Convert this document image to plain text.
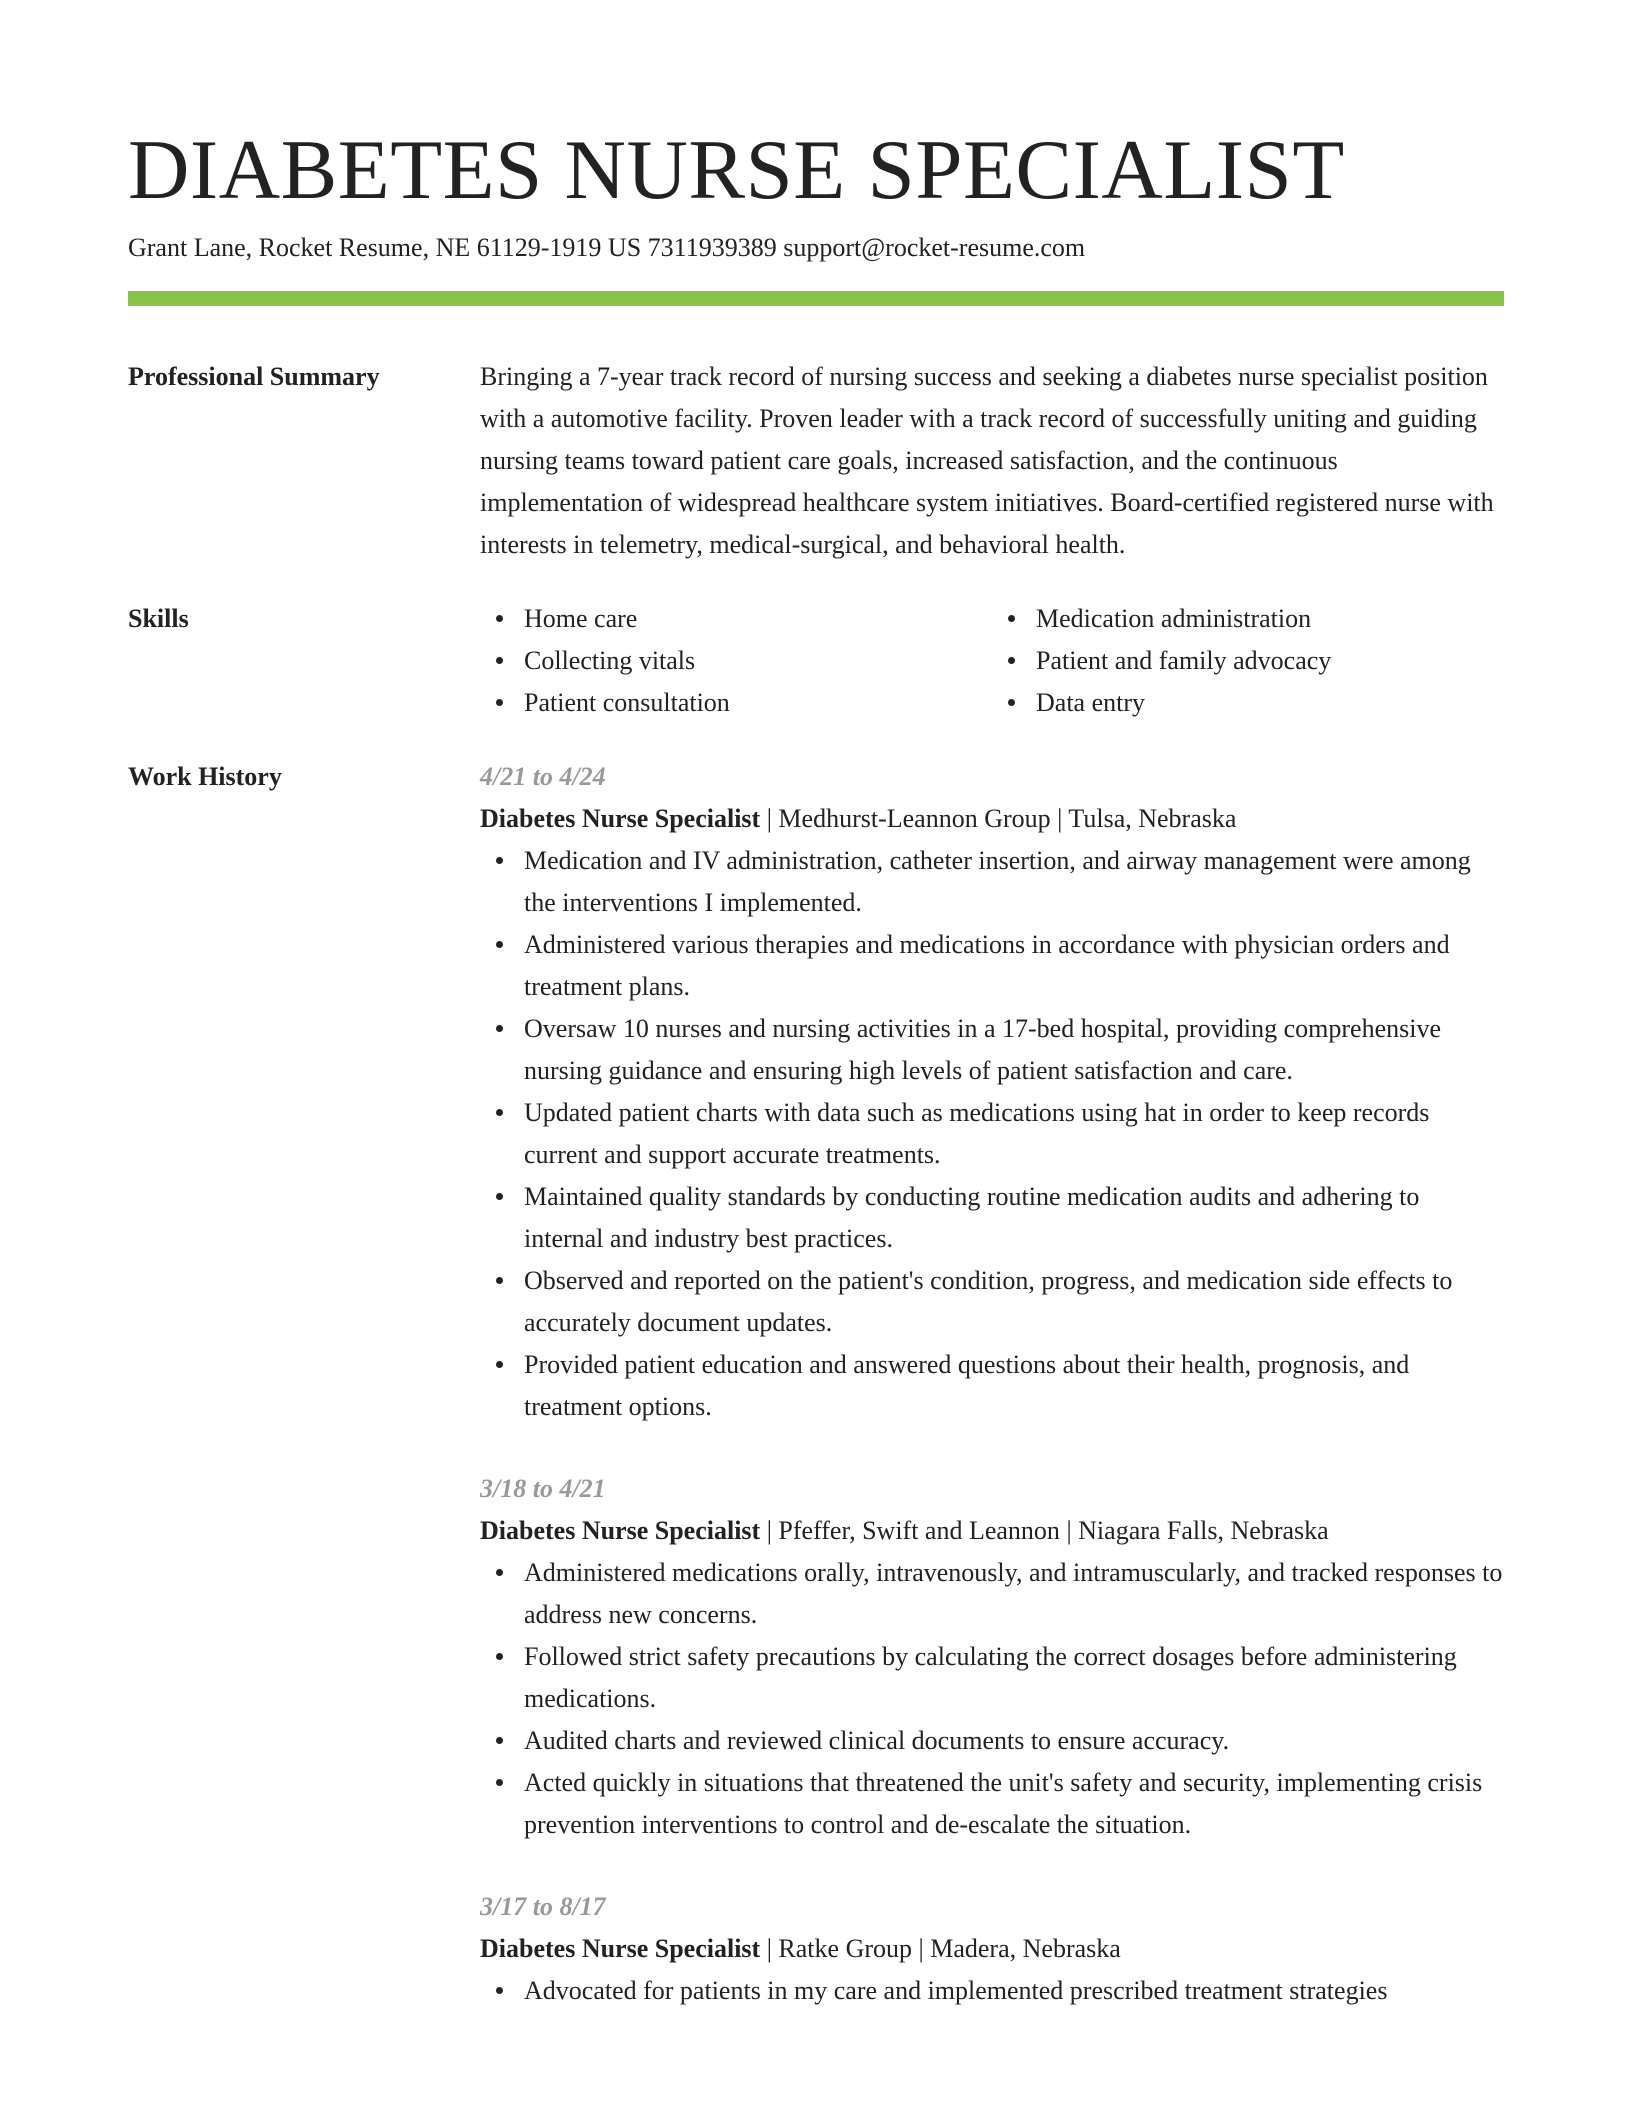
DIABETES NURSE SPECIALIST
Grant Lane, Rocket Resume, NE 61129-1919 US 7311939389 support@rocket-resume.com
Professional Summary	Bringing a 7-year track record of nursing success and seeking a diabetes nurse specialist position with a automotive facility. Proven leader with a track record of successfully uniting and guiding nursing teams toward patient care goals, increased satisfaction, and the continuous implementation of widespread healthcare system initiatives. Board-certified registered nurse with interests in telemetry, medical-surgical, and behavioral health.

Skills	Home care
Collecting vitals
Patient consultation
Medication administration
Patient and family advocacy
Data entry
Work History	4/21 to 4/24
Diabetes Nurse Specialist | Medhurst-Leannon Group | Tulsa, Nebraska
Medication and IV administration, catheter insertion, and airway management were among the interventions I implemented.
Administered various therapies and medications in accordance with physician orders and treatment plans.
Oversaw 10 nurses and nursing activities in a 17-bed hospital, providing comprehensive nursing guidance and ensuring high levels of patient satisfaction and care.
Updated patient charts with data such as medications using hat in order to keep records current and support accurate treatments.
Maintained quality standards by conducting routine medication audits and adhering to internal and industry best practices.
Observed and reported on the patient's condition, progress, and medication side effects to accurately document updates.
Provided patient education and answered questions about their health, prognosis, and treatment options.
3/18 to 4/21
Diabetes Nurse Specialist | Pfeffer, Swift and Leannon | Niagara Falls, Nebraska
Administered medications orally, intravenously, and intramuscularly, and tracked responses to address new concerns.
Followed strict safety precautions by calculating the correct dosages before administering medications.
Audited charts and reviewed clinical documents to ensure accuracy.
Acted quickly in situations that threatened the unit's safety and security, implementing crisis prevention interventions to control and de-escalate the situation.
3/17 to 8/17
Diabetes Nurse Specialist | Ratke Group | Madera, Nebraska
Advocated for patients in my care and implemented prescribed treatment strategies
